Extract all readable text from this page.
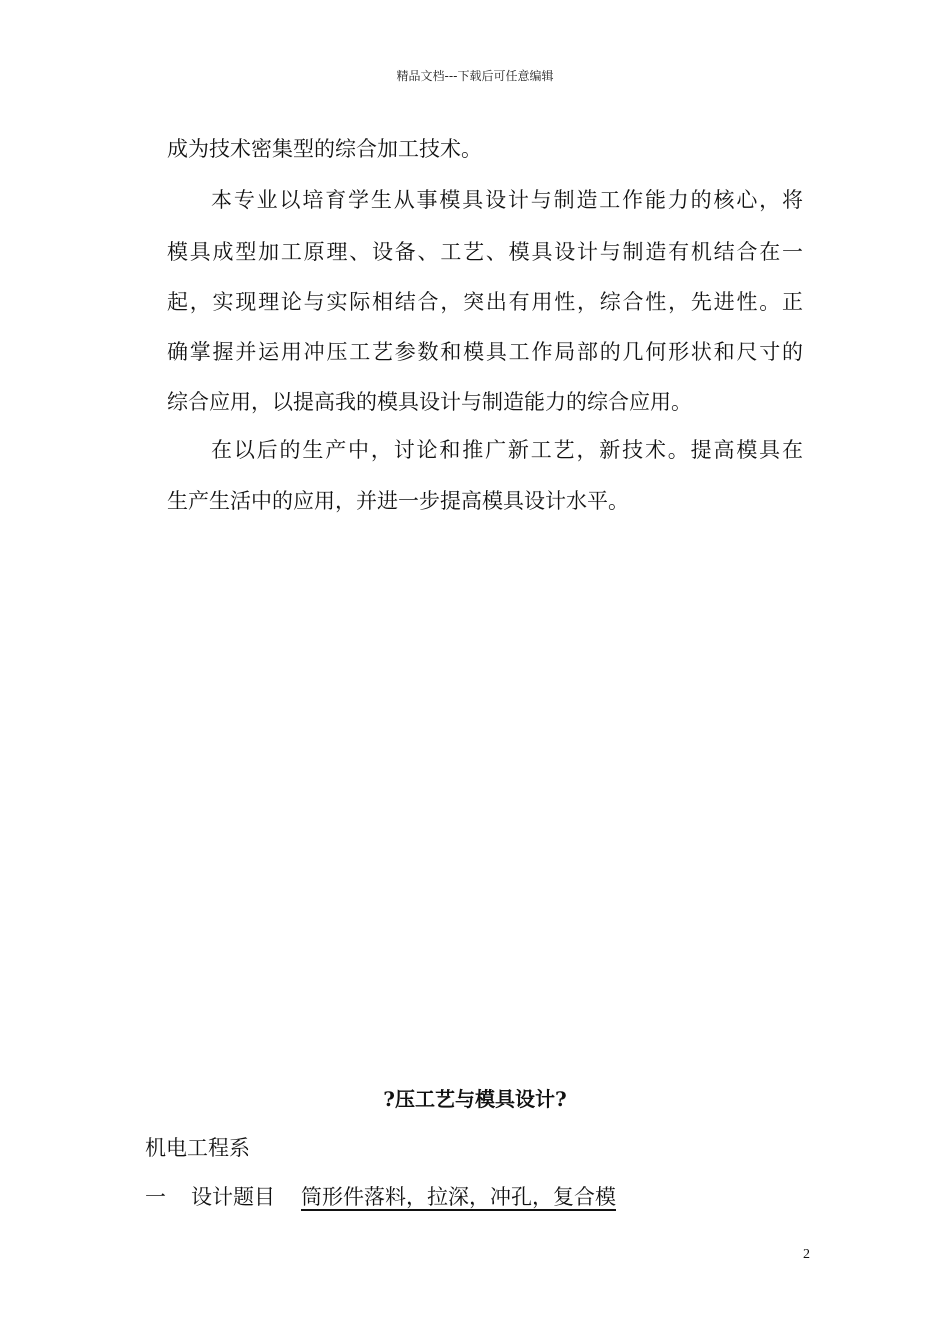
精品文档---下载后可任意编辑
成为技术密集型的综合加工技术。
本专业以培育学生从事模具设计与制造工作能力的核心，将
模具成型加工原理、设备、工艺、模具设计与制造有机结合在一
起，实现理论与实际相结合，突出有用性，综合性，先进性。正
确掌握并运用冲压工艺参数和模具工作局部的几何形状和尺寸的
综合应用，以提高我的模具设计与制造能力的综合应用。
在以后的生产中，讨论和推广新工艺，新技术。提高模具在
生产生活中的应用，并进一步提高模具设计水平。
?压工艺与模具设计?
机电工程系
一 设计题目 筒形件落料，拉深，冲孔，复合模
2
